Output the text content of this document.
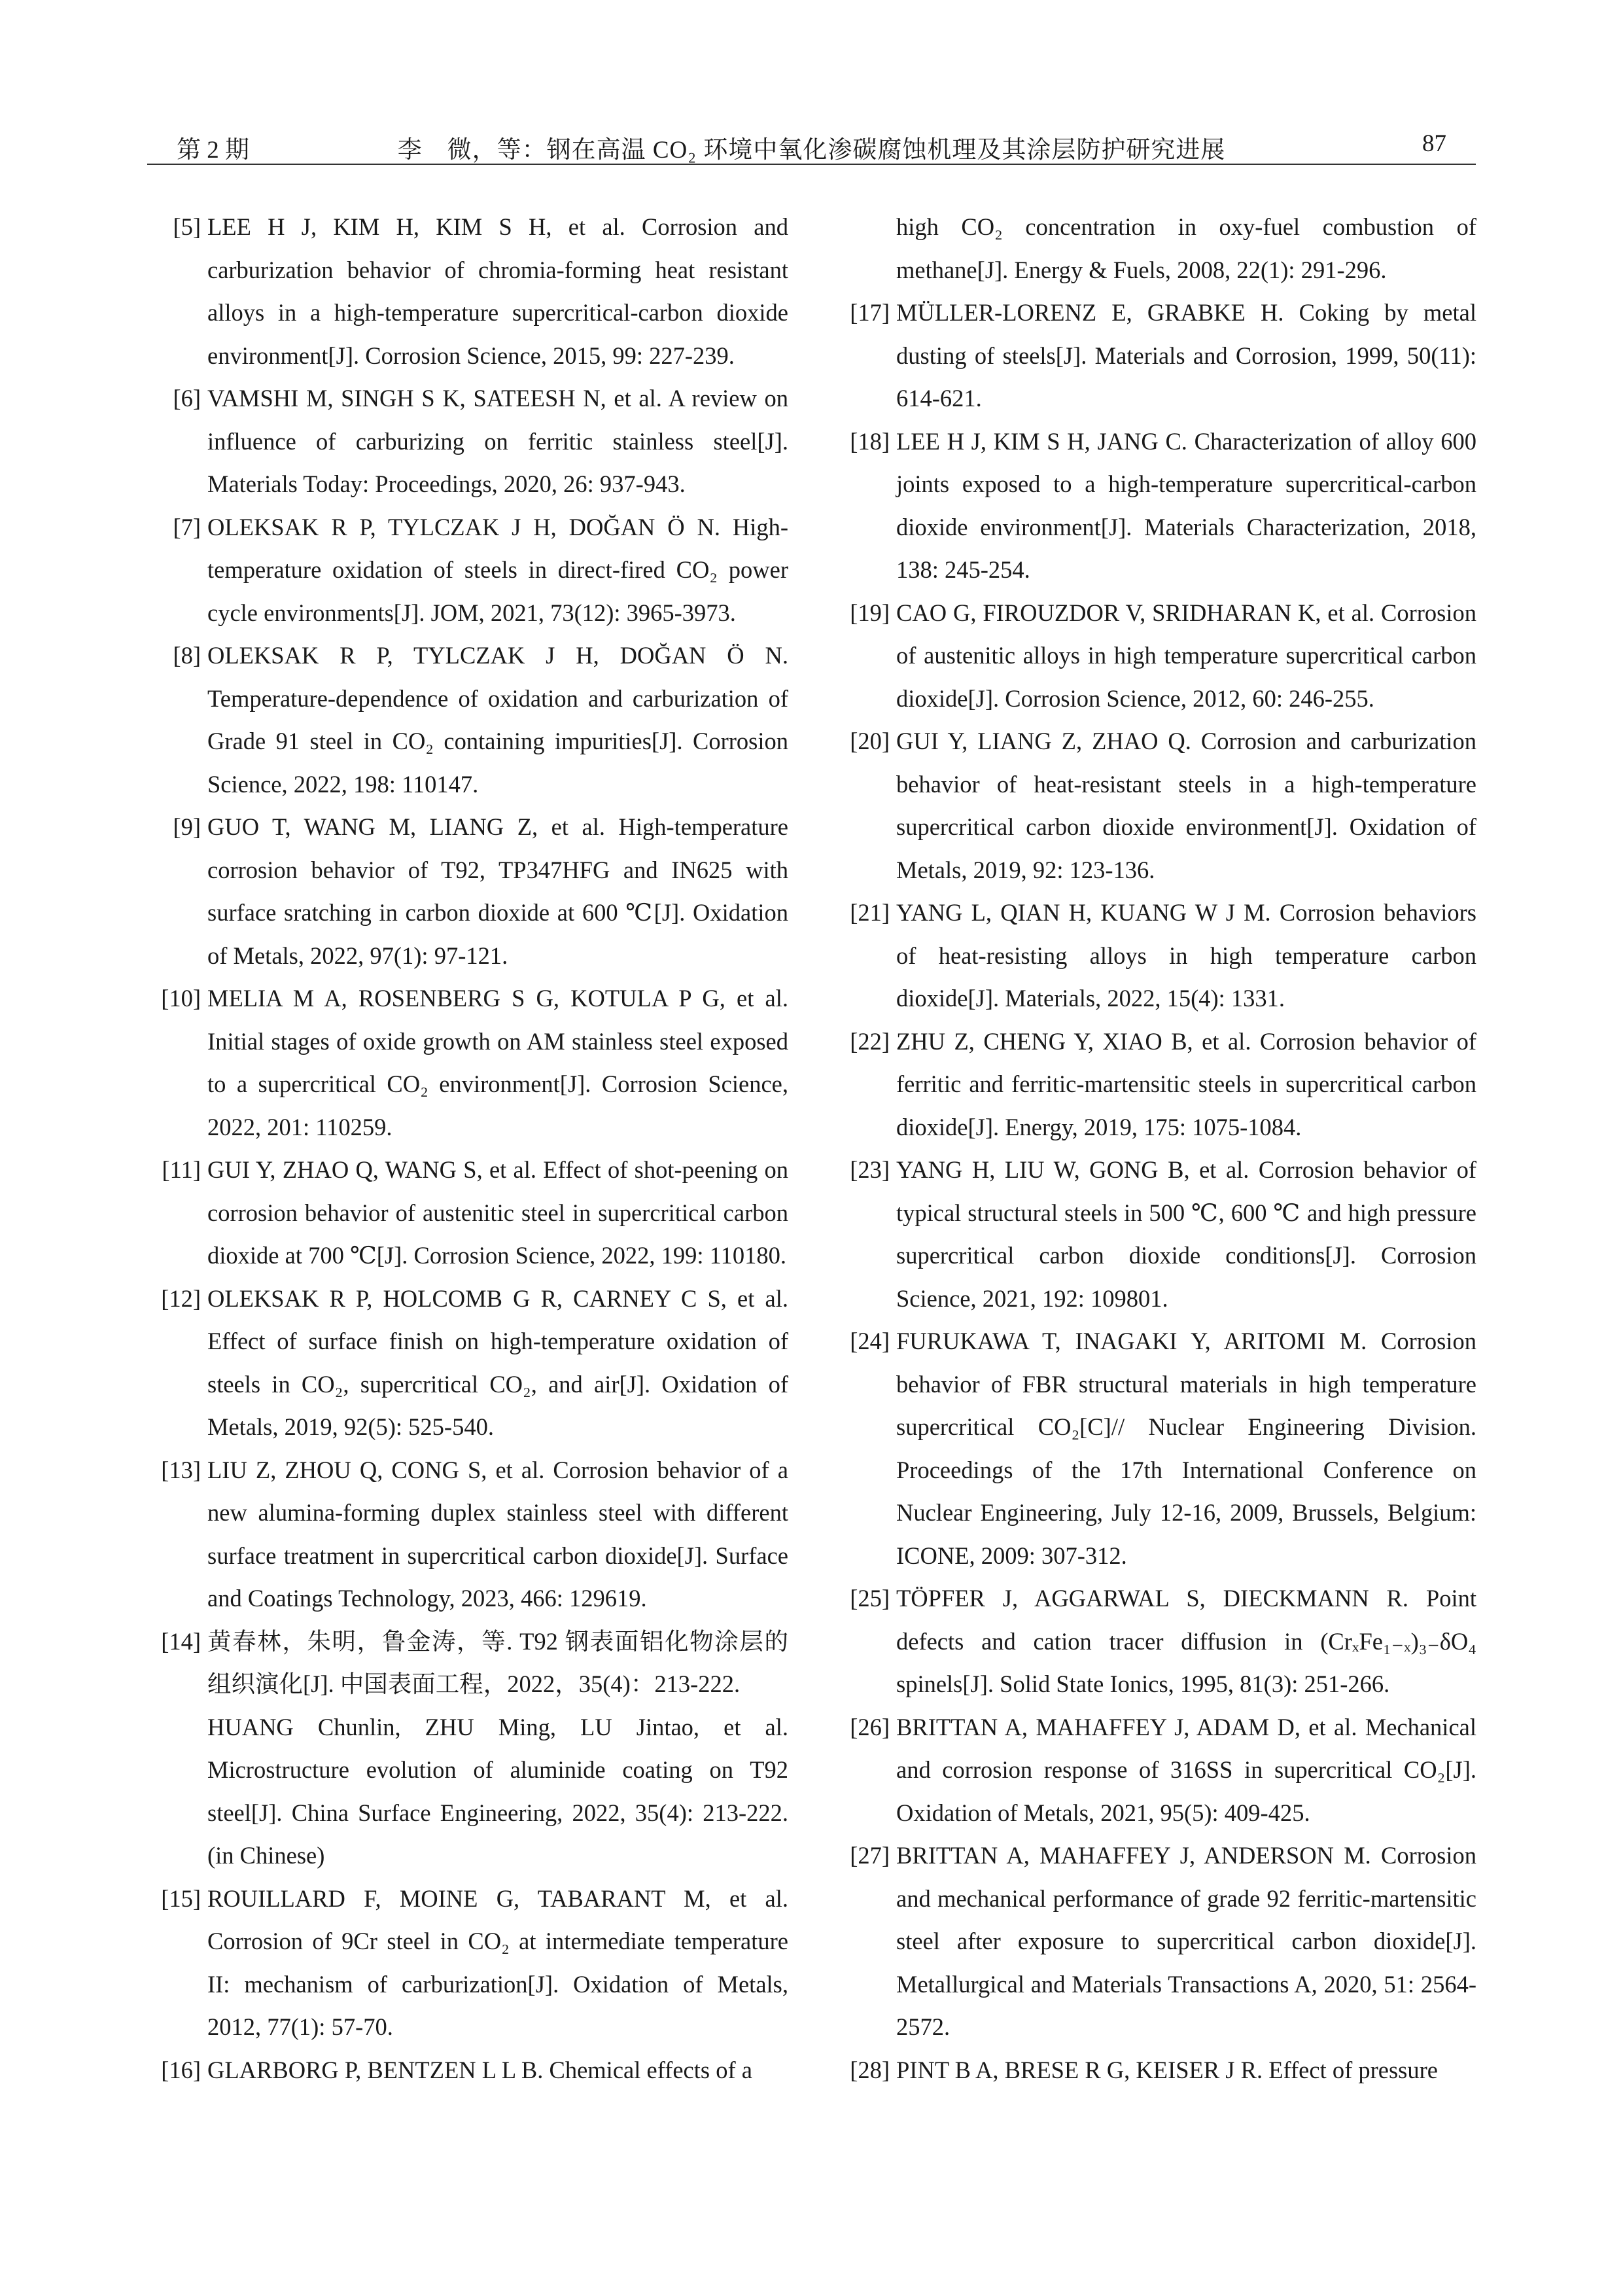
第 2 期	李　微，等：钢在高温 CO₂ 环境中氧化渗碳腐蚀机理及其涂层防护研究进展	87
[5] LEE H J, KIM H, KIM S H, et al. Corrosion and carburization behavior of chromia-forming heat resistant alloys in a high-temperature supercritical-carbon dioxide environment[J]. Corrosion Science, 2015, 99: 227-239.
[6] VAMSHI M, SINGH S K, SATEESH N, et al. A review on influence of carburizing on ferritic stainless steel[J]. Materials Today: Proceedings, 2020, 26: 937-943.
[7] OLEKSAK R P, TYLCZAK J H, DOĞAN Ö N. High-temperature oxidation of steels in direct-fired CO₂ power cycle environments[J]. JOM, 2021, 73(12): 3965-3973.
[8] OLEKSAK R P, TYLCZAK J H, DOĞAN Ö N. Temperature-dependence of oxidation and carburization of Grade 91 steel in CO₂ containing impurities[J]. Corrosion Science, 2022, 198: 110147.
[9] GUO T, WANG M, LIANG Z, et al. High-temperature corrosion behavior of T92, TP347HFG and IN625 with surface sratching in carbon dioxide at 600 ℃[J]. Oxidation of Metals, 2022, 97(1): 97-121.
[10] MELIA M A, ROSENBERG S G, KOTULA P G, et al. Initial stages of oxide growth on AM stainless steel exposed to a supercritical CO₂ environment[J]. Corrosion Science, 2022, 201: 110259.
[11] GUI Y, ZHAO Q, WANG S, et al. Effect of shot-peening on corrosion behavior of austenitic steel in supercritical carbon dioxide at 700 ℃[J]. Corrosion Science, 2022, 199: 110180.
[12] OLEKSAK R P, HOLCOMB G R, CARNEY C S, et al. Effect of surface finish on high-temperature oxidation of steels in CO₂, supercritical CO₂, and air[J]. Oxidation of Metals, 2019, 92(5): 525-540.
[13] LIU Z, ZHOU Q, CONG S, et al. Corrosion behavior of a new alumina-forming duplex stainless steel with different surface treatment in supercritical carbon dioxide[J]. Surface and Coatings Technology, 2023, 466: 129619.
[14] 黄春林，朱明，鲁金涛，等. T92 钢表面铝化物涂层的组织演化[J]. 中国表面工程，2022，35(4)：213-222.
HUANG Chunlin, ZHU Ming, LU Jintao, et al. Microstructure evolution of aluminide coating on T92 steel[J]. China Surface Engineering, 2022, 35(4): 213-222. (in Chinese)
[15] ROUILLARD F, MOINE G, TABARANT M, et al. Corrosion of 9Cr steel in CO₂ at intermediate temperature II: mechanism of carburization[J]. Oxidation of Metals, 2012, 77(1): 57-70.
[16] GLARBORG P, BENTZEN L L B. Chemical effects of a
high CO₂ concentration in oxy-fuel combustion of methane[J]. Energy & Fuels, 2008, 22(1): 291-296.
[17] MÜLLER-LORENZ E, GRABKE H. Coking by metal dusting of steels[J]. Materials and Corrosion, 1999, 50(11): 614-621.
[18] LEE H J, KIM S H, JANG C. Characterization of alloy 600 joints exposed to a high-temperature supercritical-carbon dioxide environment[J]. Materials Characterization, 2018, 138: 245-254.
[19] CAO G, FIROUZDOR V, SRIDHARAN K, et al. Corrosion of austenitic alloys in high temperature supercritical carbon dioxide[J]. Corrosion Science, 2012, 60: 246-255.
[20] GUI Y, LIANG Z, ZHAO Q. Corrosion and carburization behavior of heat-resistant steels in a high-temperature supercritical carbon dioxide environment[J]. Oxidation of Metals, 2019, 92: 123-136.
[21] YANG L, QIAN H, KUANG W J M. Corrosion behaviors of heat-resisting alloys in high temperature carbon dioxide[J]. Materials, 2022, 15(4): 1331.
[22] ZHU Z, CHENG Y, XIAO B, et al. Corrosion behavior of ferritic and ferritic-martensitic steels in supercritical carbon dioxide[J]. Energy, 2019, 175: 1075-1084.
[23] YANG H, LIU W, GONG B, et al. Corrosion behavior of typical structural steels in 500 ℃, 600 ℃ and high pressure supercritical carbon dioxide conditions[J]. Corrosion Science, 2021, 192: 109801.
[24] FURUKAWA T, INAGAKI Y, ARITOMI M. Corrosion behavior of FBR structural materials in high temperature supercritical CO₂[C]// Nuclear Engineering Division. Proceedings of the 17th International Conference on Nuclear Engineering, July 12-16, 2009, Brussels, Belgium: ICONE, 2009: 307-312.
[25] TÖPFER J, AGGARWAL S, DIECKMANN R. Point defects and cation tracer diffusion in (CrₓFe₁₋ₓ)₃₋δO₄ spinels[J]. Solid State Ionics, 1995, 81(3): 251-266.
[26] BRITTAN A, MAHAFFEY J, ADAM D, et al. Mechanical and corrosion response of 316SS in supercritical CO₂[J]. Oxidation of Metals, 2021, 95(5): 409-425.
[27] BRITTAN A, MAHAFFEY J, ANDERSON M. Corrosion and mechanical performance of grade 92 ferritic-martensitic steel after exposure to supercritical carbon dioxide[J]. Metallurgical and Materials Transactions A, 2020, 51: 2564-2572.
[28] PINT B A, BRESE R G, KEISER J R. Effect of pressure
